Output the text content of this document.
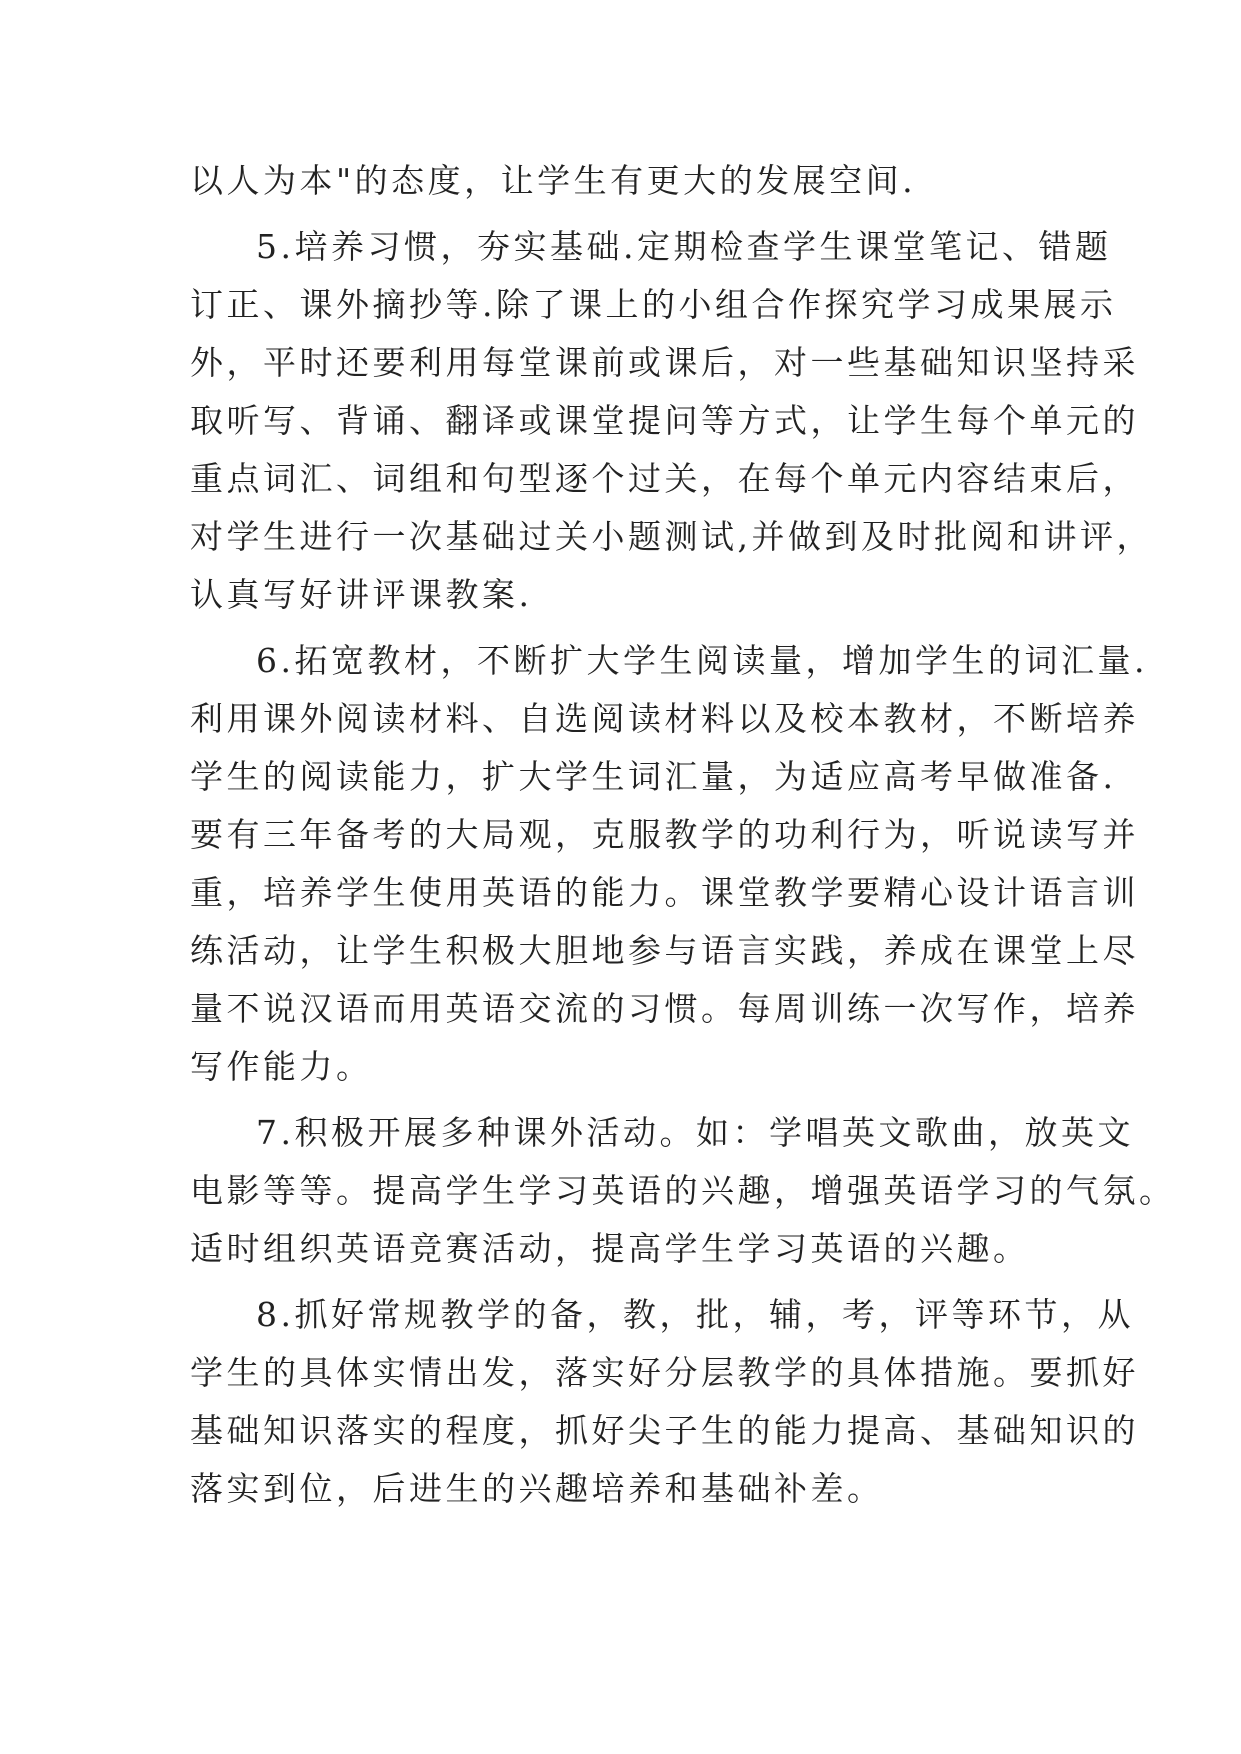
以人为本"的态度，让学生有更大的发展空间.
5.培养习惯，夯实基础.定期检查学生课堂笔记、错题
订正、课外摘抄等.除了课上的小组合作探究学习成果展示
外，平时还要利用每堂课前或课后，对一些基础知识坚持采
取听写、背诵、翻译或课堂提问等方式，让学生每个单元的
重点词汇、词组和句型逐个过关，在每个单元内容结束后，
对学生进行一次基础过关小题测试,并做到及时批阅和讲评，
认真写好讲评课教案.
6.拓宽教材，不断扩大学生阅读量，增加学生的词汇量.
利用课外阅读材料、自选阅读材料以及校本教材，不断培养
学生的阅读能力，扩大学生词汇量，为适应高考早做准备.
要有三年备考的大局观，克服教学的功利行为，听说读写并
重，培养学生使用英语的能力。课堂教学要精心设计语言训
练活动，让学生积极大胆地参与语言实践，养成在课堂上尽
量不说汉语而用英语交流的习惯。每周训练一次写作，培养
写作能力。
7.积极开展多种课外活动。如：学唱英文歌曲，放英文
电影等等。提高学生学习英语的兴趣，增强英语学习的气氛。
适时组织英语竞赛活动，提高学生学习英语的兴趣。
8.抓好常规教学的备，教，批，辅，考，评等环节，从
学生的具体实情出发，落实好分层教学的具体措施。要抓好
基础知识落实的程度，抓好尖子生的能力提高、基础知识的
落实到位，后进生的兴趣培养和基础补差。
